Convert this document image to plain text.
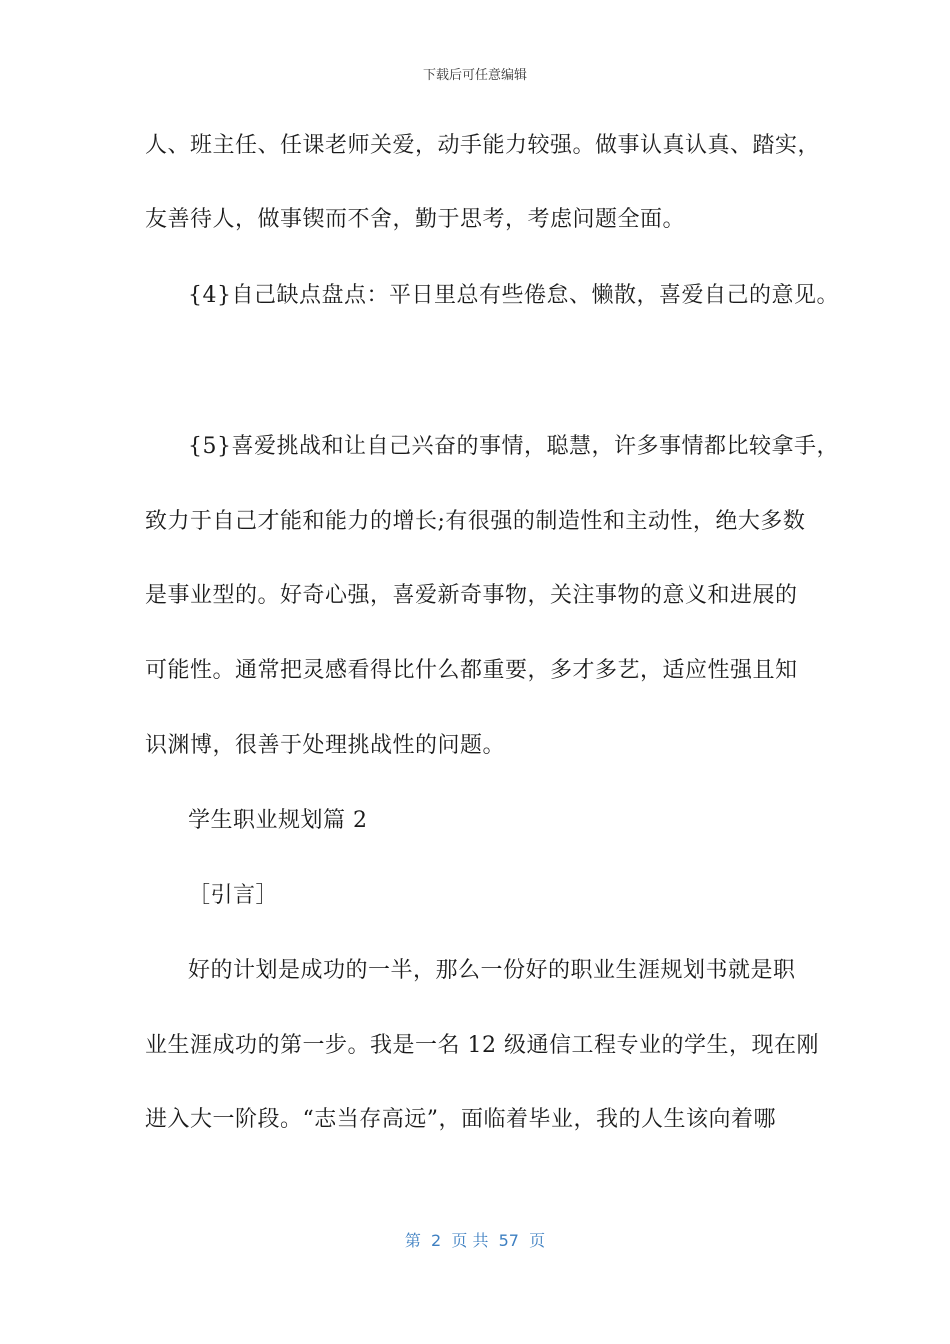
下载后可任意编辑
人、班主任、任课老师关爱，动手能力较强。做事认真认真、踏实，
友善待人，做事锲而不舍，勤于思考，考虑问题全面。
{4}自己缺点盘点：平日里总有些倦怠、懒散，喜爱自己的意见。
{5}喜爱挑战和让自己兴奋的事情，聪慧，许多事情都比较拿手，
致力于自己才能和能力的增长;有很强的制造性和主动性，绝大多数
是事业型的。好奇心强，喜爱新奇事物，关注事物的意义和进展的
可能性。通常把灵感看得比什么都重要，多才多艺，适应性强且知
识渊博，很善于处理挑战性的问题。
学生职业规划篇 2
［引言］
好的计划是成功的一半，那么一份好的职业生涯规划书就是职
业生涯成功的第一步。我是一名 12 级通信工程专业的学生，现在刚
进入大一阶段。“志当存高远”，面临着毕业，我的人生该向着哪
第  2  页 共  57  页
